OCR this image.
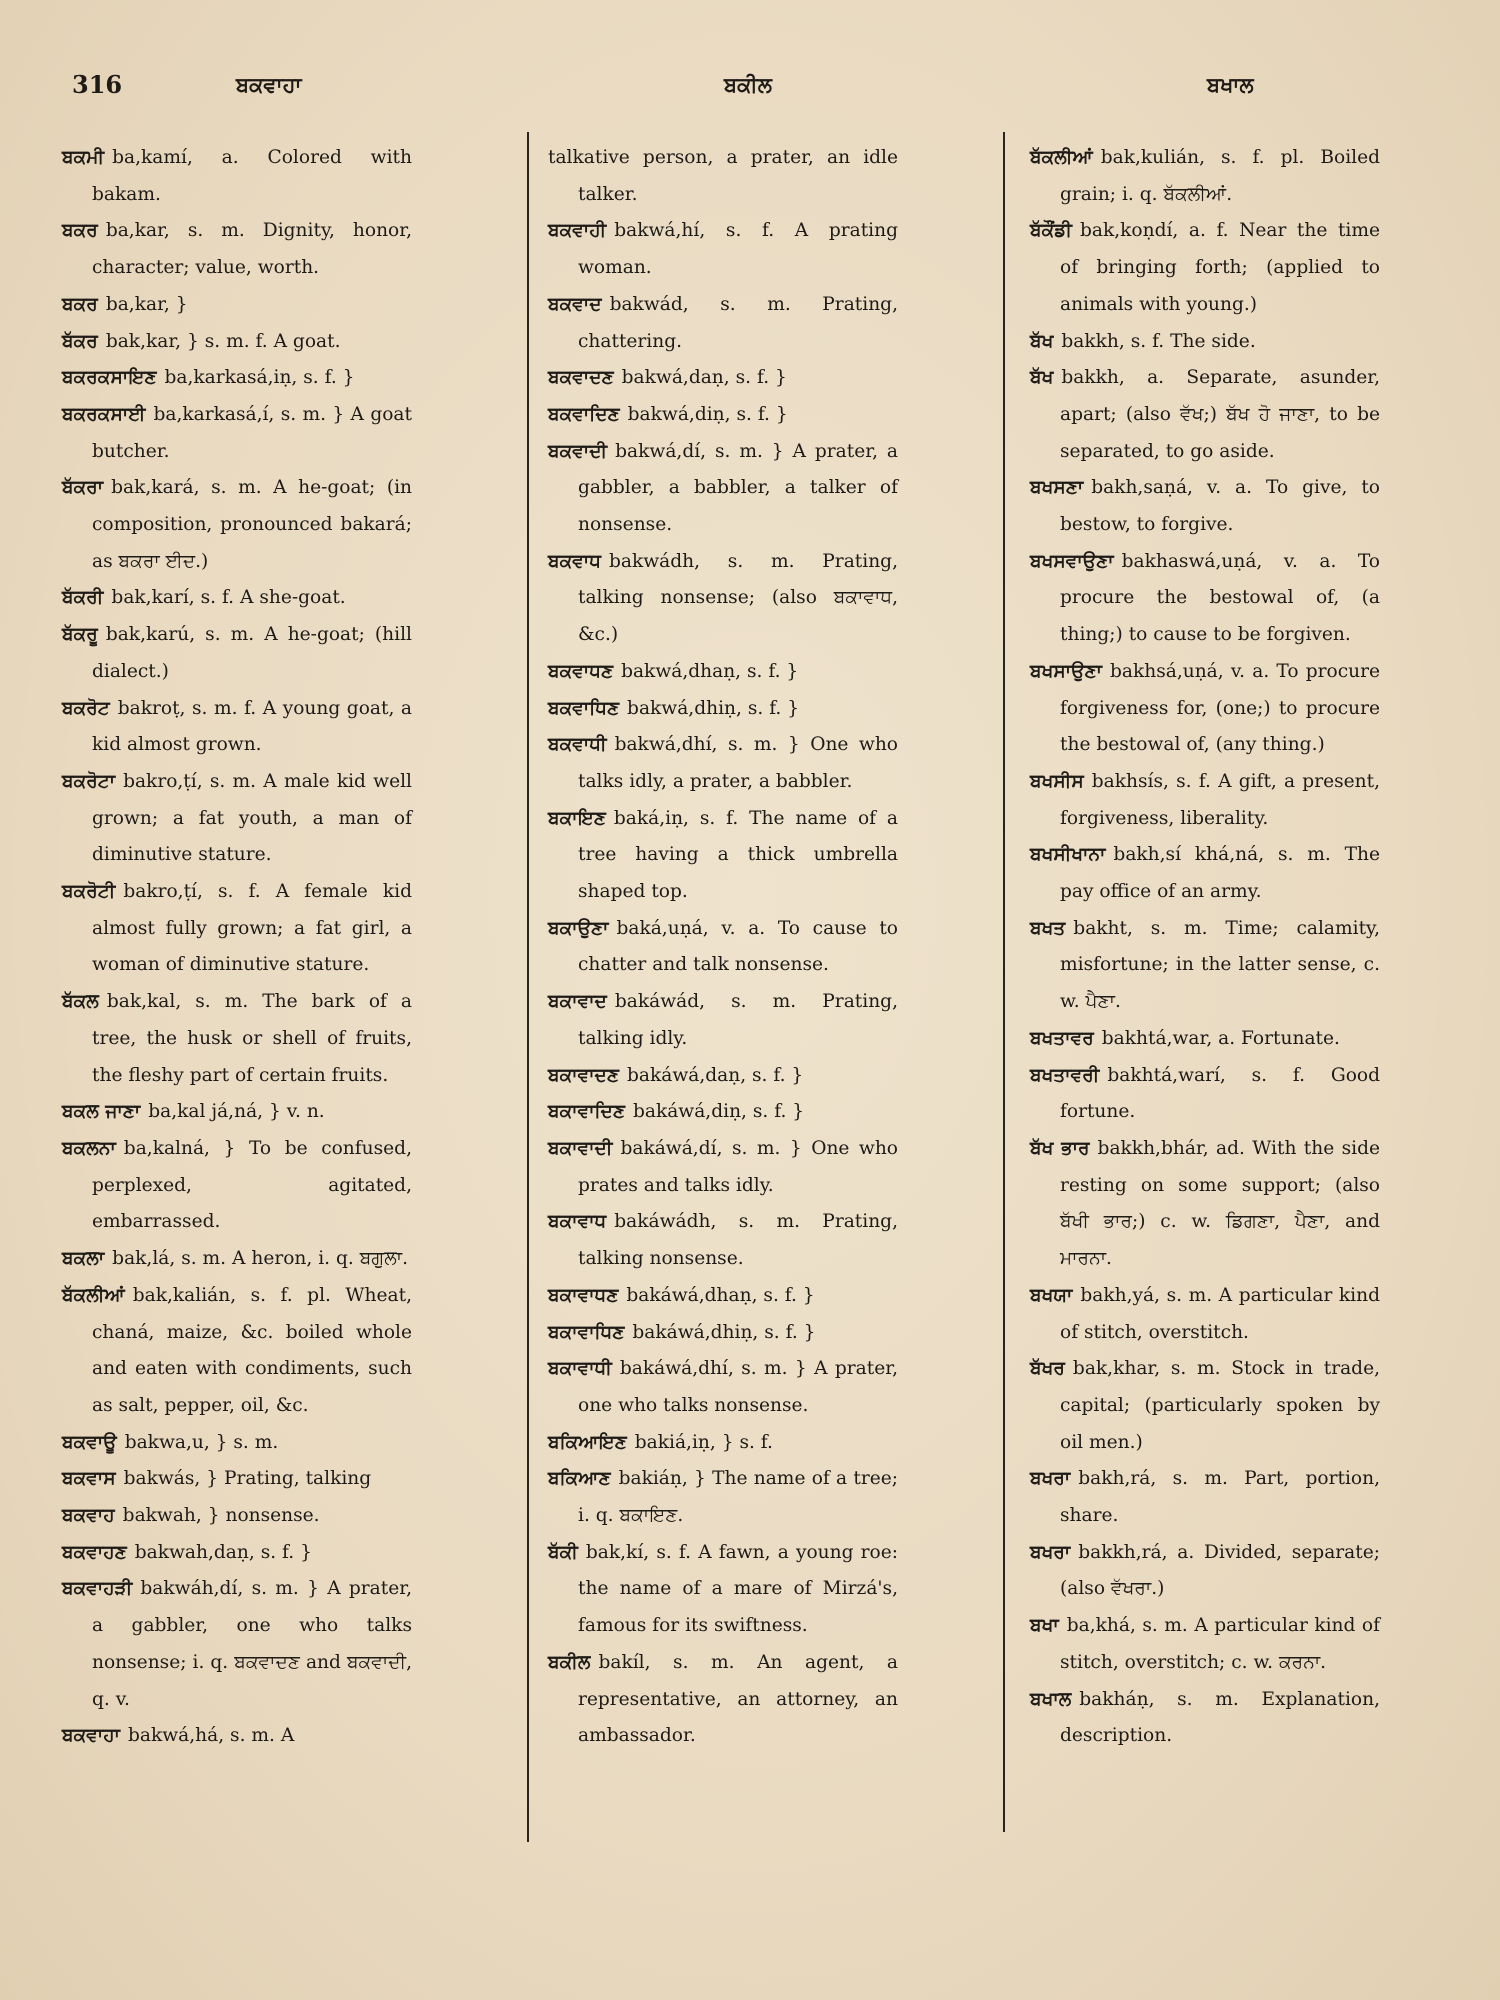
316	ਬਕਵਾਹਾ	ਬਕੀਲ	ਬਖਾਲ

ਬਕਮੀ ba,kamí, a. Colored with bakam.

ਬਕਰ ba,kar, s. m. Dignity, honor, character; value, worth.

ਬਕਰ ba,kar, }

ਬੱਕਰ bak,kar, } s. m. f. A goat.

ਬਕਰਕਸਾਇਣ ba,karkasá,iṇ, s. f. }

ਬਕਰਕਸਾਈ ba,karkasá,í, s. m. } A goat butcher.

ਬੱਕਰਾ bak,kará, s. m. A he-goat; (in composition, pronounced bakará; as ਬਕਰਾ ਈਦ.)

ਬੱਕਰੀ bak,karí, s. f. A she-goat.

ਬੱਕਰੂ bak,karú, s. m. A he-goat; (hill dialect.)

ਬਕਰੋਟ bakroṭ, s. m. f. A young goat, a kid almost grown.

ਬਕਰੋਟਾ bakro,ṭí, s. m. A male kid well grown; a fat youth, a man of diminutive stature.

ਬਕਰੋਟੀ bakro,ṭí, s. f. A female kid almost fully grown; a fat girl, a woman of diminutive stature.

ਬੱਕਲ bak,kal, s. m. The bark of a tree, the husk or shell of fruits, the fleshy part of certain fruits.

ਬਕਲ ਜਾਣਾ ba,kal já,ná, } v. n.

ਬਕਲਨਾ ba,kalná, } To be confused, perplexed, agitated, embarrassed.

ਬਕਲਾ bak,lá, s. m. A heron, i. q. ਬਗੁਲਾ.

ਬੱਕਲੀਆਂ bak,kalián, s. f. pl. Wheat, chaná, maize, &c. boiled whole and eaten with condiments, such as salt, pepper, oil, &c.

ਬਕਵਾਊ bakwa,u, } s. m.

ਬਕਵਾਸ bakwás, } Prating, talking

ਬਕਵਾਹ bakwah, } nonsense.

ਬਕਵਾਹਣ bakwah,daṇ, s. f. }

ਬਕਵਾਹੜੀ bakwáh,dí, s. m. } A prater, a gabbler, one who talks nonsense; i. q. ਬਕਵਾਦਣ and ਬਕਵਾਦੀ, q. v.

ਬਕਵਾਹਾ bakwá,há, s. m. A

talkative person, a prater, an idle talker.

ਬਕਵਾਹੀ bakwá,hí, s. f. A prating woman.

ਬਕਵਾਦ bakwád, s. m. Prating, chattering.

ਬਕਵਾਦਣ bakwá,daṇ, s. f. }

ਬਕਵਾਦਿਣ bakwá,diṇ, s. f. }

ਬਕਵਾਦੀ bakwá,dí, s. m. } A prater, a gabbler, a babbler, a talker of nonsense.

ਬਕਵਾਧ bakwádh, s. m. Prating, talking nonsense; (also ਬਕਾਵਾਧ, &c.)

ਬਕਵਾਧਣ bakwá,dhaṇ, s. f. }

ਬਕਵਾਧਿਣ bakwá,dhiṇ, s. f. }

ਬਕਵਾਧੀ bakwá,dhí, s. m. } One who talks idly, a prater, a babbler.

ਬਕਾਇਣ baká,iṇ, s. f. The name of a tree having a thick umbrella shaped top.

ਬਕਾਉਣਾ baká,uṇá, v. a. To cause to chatter and talk nonsense.

ਬਕਾਵਾਦ bakáwád, s. m. Prating, talking idly.

ਬਕਾਵਾਦਣ bakáwá,daṇ, s. f. }

ਬਕਾਵਾਦਿਣ bakáwá,diṇ, s. f. }

ਬਕਾਵਾਦੀ bakáwá,dí, s. m. } One who prates and talks idly.

ਬਕਾਵਾਧ bakáwádh, s. m. Prating, talking nonsense.

ਬਕਾਵਾਧਣ bakáwá,dhaṇ, s. f. }

ਬਕਾਵਾਧਿਣ bakáwá,dhiṇ, s. f. }

ਬਕਾਵਾਧੀ bakáwá,dhí, s. m. } A prater, one who talks nonsense.

ਬਕਿਆਇਣ bakiá,iṇ, } s. f.

ਬਕਿਆਣ bakiáṇ, } The name of a tree; i. q. ਬਕਾਇਣ.

ਬੱਕੀ bak,kí, s. f. A fawn, a young roe: the name of a mare of Mirzá's, famous for its swiftness.

ਬਕੀਲ bakíl, s. m. An agent, a representative, an attorney, an ambassador.

ਬੱਕਲੀਆਂ bak,kulián, s. f. pl. Boiled grain; i. q. ਬੱਕਲੀਆਂ.

ਬੱਕੌਂਡੀ bak,koṇdí, a. f. Near the time of bringing forth; (applied to animals with young.)

ਬੱਖ bakkh, s. f. The side.

ਬੱਖ bakkh, a. Separate, asunder, apart; (also ਵੱਖ;) ਬੱਖ ਹੋ ਜਾਣਾ, to be separated, to go aside.

ਬਖਸਣਾ bakh,saṇá, v. a. To give, to bestow, to forgive.

ਬਖਸਵਾਉਣਾ bakhaswá,uṇá, v. a. To procure the bestowal of, (a thing;) to cause to be forgiven.

ਬਖਸਾਉਣਾ bakhsá,uṇá, v. a. To procure forgiveness for, (one;) to procure the bestowal of, (any thing.)

ਬਖਸੀਸ bakhsís, s. f. A gift, a present, forgiveness, liberality.

ਬਖਸੀਖਾਨਾ bakh,sí khá,ná, s. m. The pay office of an army.

ਬਖਤ bakht, s. m. Time; calamity, misfortune; in the latter sense, c. w. ਪੈਣਾ.

ਬਖਤਾਵਰ bakhtá,war, a. Fortunate.

ਬਖਤਾਵਰੀ bakhtá,warí, s. f. Good fortune.

ਬੱਖ ਭਾਰ bakkh,bhár, ad. With the side resting on some support; (also ਬੱਖੀ ਭਾਰ;) c. w. ਡਿਗਣਾ, ਪੈਣਾ, and ਮਾਰਨਾ.

ਬਖਯਾ bakh,yá, s. m. A particular kind of stitch, overstitch.

ਬੱਖਰ bak,khar, s. m. Stock in trade, capital; (particularly spoken by oil men.)

ਬਖਰਾ bakh,rá, s. m. Part, portion, share.

ਬਖਰਾ bakkh,rá, a. Divided, separate; (also ਵੱਖਰਾ.)

ਬਖਾ ba,khá, s. m. A particular kind of stitch, overstitch; c. w. ਕਰਨਾ.

ਬਖਾਲ bakháṇ, s. m. Explanation, description.
